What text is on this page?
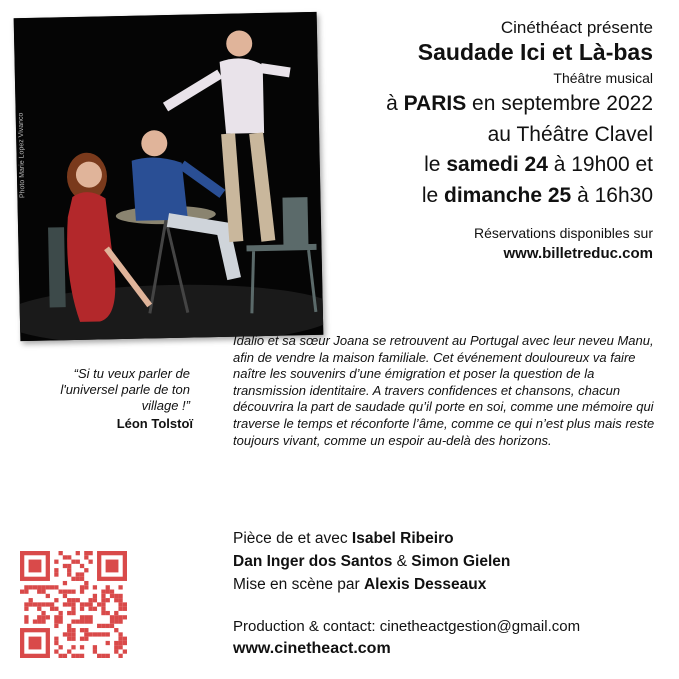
Photo Marie Lopez Vivanco
Cinéthéact présente
Saudade Ici et Là-bas
Théâtre musical
à PARIS en septembre 2022
au Théâtre Clavel
le samedi 24 à 19h00 et
le dimanche 25 à 16h30
Réservations disponibles sur
www.billetreduc.com
“Si tu veux parler de l'universel parle de ton village !”
Léon Tolstoï
Idalio et sa sœur Joana se retrouvent au Portugal avec leur neveu Manu, afin de vendre la maison familiale. Cet événement douloureux va faire naître les souvenirs d’une émigration et poser la question de la transmission identitaire. A travers confidences et chansons, chacun découvrira la part de saudade qu’il porte en soi, comme une mémoire qui traverse le temps et réconforte l’âme, comme ce qui n’est plus mais reste toujours vivant, comme un espoir au-delà des horizons.
Pièce de et avec Isabel Ribeiro
Dan Inger dos Santos & Simon Gielen
Mise en scène par Alexis Desseaux
Production & contact: cinetheactgestion@gmail.com
www.cinetheact.com
